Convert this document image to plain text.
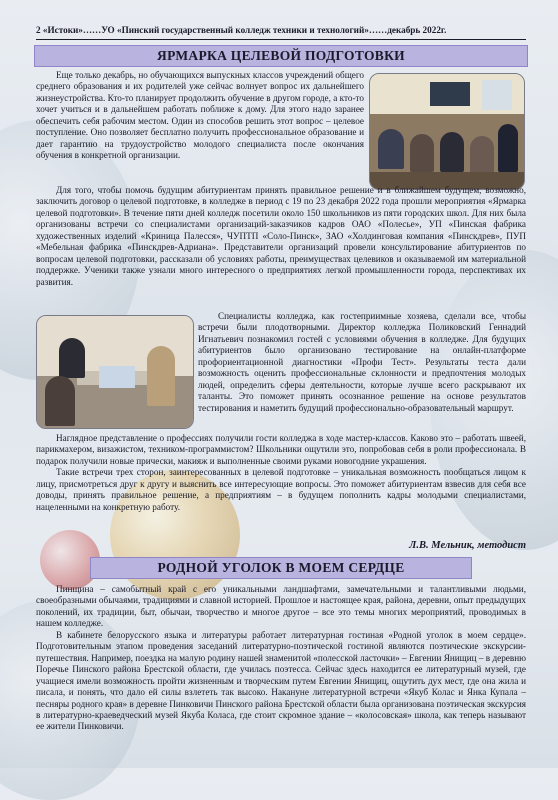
2 «Истоки»……УО «Пинский государственный колледж техники и технологий»……декабрь 2022г.
ЯРМАРКА ЦЕЛЕВОЙ ПОДГОТОВКИ

Еще только декабрь, но обучающихся выпускных классов учреждений общего среднего образования и их родителей уже сейчас волнует вопрос их дальнейшего жизнеустройства. Кто-то планирует продолжить обучение в другом городе, а кто-то хочет учиться и в дальнейшем работать поближе к дому. Для этого надо заранее обеспечить себя рабочим местом. Один из способов решить этот вопрос – целевое поступление. Оно позволяет бесплатно получить профессиональное образование и дает гарантию на трудоустройство молодого специалиста после окончания обучения в конкретной организации.

Для того, чтобы помочь будущим абитуриентам принять правильное решение и в ближайшем будущем, возможно, заключить договор о целевой подготовке, в колледже в период с 19 по 23 декабря 2022 года прошли мероприятия «Ярмарка целевой подготовки». В течение пяти дней колледж посетили около 150 школьников из пяти городских школ. Для них была организованы встречи со специалистами организаций-заказчиков кадров ОАО «Полесье», УП «Пинская фабрика художественных изделий «Криница Палесся», ЧУПТП «Соло-Пинск», ЗАО «Холдинговая компания «Пинскдрев», ПУП «Мебельная фабрика «Пинскдрев-Адриана». Представители организаций провели консультирование абитуриентов по вопросам целевой подготовки, рассказали об условиях работы, преимуществах целевиков и оказываемой им материальной поддержке. Ученики также узнали много интересного о предприятиях легкой промышленности города, перспективах их развития.

Специалисты колледжа, как гостеприимные хозяева, сделали все, чтобы встречи были плодотворными. Директор колледжа Поликовский Геннадий Игнатьевич познакомил гостей с условиями обучения в колледже. Для будущих абитуриентов было организовано тестирование на онлайн-платформе профориентационной диагностики «Профи Тест». Результаты теста дали возможность оценить профессиональные склонности и предпочтения молодых людей, определить сферы деятельности, которые лучше всего раскрывают их таланты. Это поможет принять осознанное решение на основе результатов тестирования и наметить будущий профессионально-образовательный маршрут.

Наглядное представление о профессиях получили гости колледжа в ходе мастер-классов. Каково это – работать швеей, парикмахером, визажистом, техником-программистом? Школьники ощутили это, попробовав себя в роли профессионала. В подарок получили новые прически, макияж и выполненные своими руками новогодние украшения.

Такие встречи трех сторон, заинтересованных в целевой подготовке – уникальная возможность пообщаться лицом к лицу, присмотреться друг к другу и выяснить все интересующие вопросы. Это поможет абитуриентам взвесив для себя все доводы, принять правильное решение, а предприятиям – в будущем пополнить кадры молодыми специалистами, нацеленными на конкретную работу.

Л.В. Мельник, методист
РОДНОЙ УГОЛОК В МОЕМ СЕРДЦЕ

Пинщина – самобытный край с его уникальными ландшафтами, замечательными и талантливыми людьми, своеобразными обычаями, традициями и славной историей. Прошлое и настоящее края, района, деревни, опыт предыдущих поколений, их традиции, быт, обычаи, творчество и многое другое – все это темы многих мероприятий, проводимых в нашем колледже.

В кабинете белорусского языка и литературы работает литературная гостиная «Родной уголок в моем сердце». Подготовительным этапом проведения заседаний литературно-поэтической гостиной являются поэтические экскурсии-путешествия. Например, поездка на малую родину нашей знаменитой «полесской ласточки» – Евгении Янищиц – в деревню Поречье Пинского района Брестской области, где училась поэтесса. Сейчас здесь находится ее литературный музей, где учащиеся имели возможность пройти жизненным и творческим путем Евгении Янищиц, ощутить дух мест, где она жила и писала, и понять, что дало ей силы взлететь так высоко. Накануне литературной встречи «Якуб Колас и Янка Купала – песняры родного края» в деревне Пинковичи Пинского района Брестской области была организована поэтическая экскурсия в литературно-краеведческий музей Якуба Коласа, где стоит скромное здание – «колосовская» школа, как теперь называют ее жители Пинковичи.
